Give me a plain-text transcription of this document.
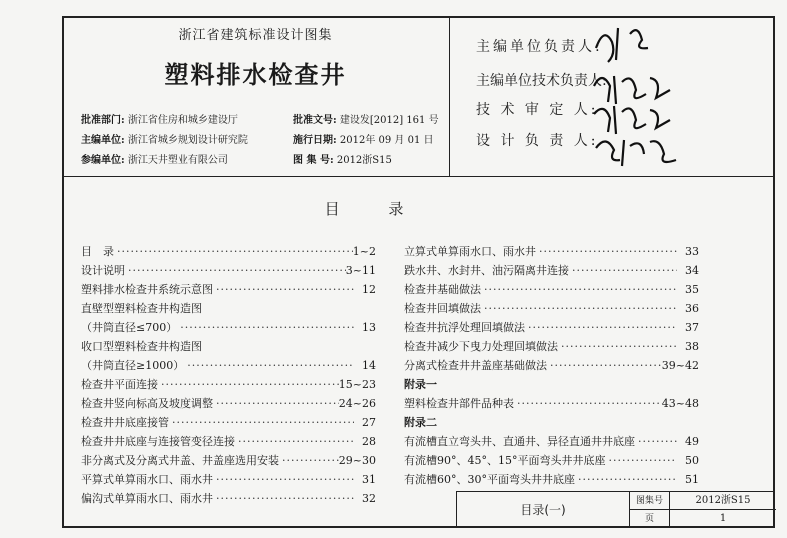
浙江省建筑标准设计图集
塑料排水检查井
批准部门: 浙江省住房和城乡建设厅
主编单位: 浙江省城乡规划设计研究院
参编单位: 浙江天井塑业有限公司
批准文号: 建设发[2012] 161 号
施行日期: 2012年 09 月 01 日
图 集 号: 2012浙S15
主编单位负责人:
主编单位技术负责人:
技 术 审 定 人:
设 计 负 责 人:
目 录
目　录 ·····	1~2
设计说明 ·····	3~11
塑料排水检查井系统示意图 ·····	12
直壁型塑料检查井构造图
（井筒直径≤700） ·····	13
收口型塑料检查井构造图
（井筒直径≥1000） ·····	14
检查井平面连接 ·····	15~23
检查井竖向标高及坡度调整 ·····	24~26
检查井井底座接管 ·····	27
检查井井底座与连接管变径连接 ·····	28
非分离式及分离式井盖、井盖座选用安装 ·····	29~30
平算式单算雨水口、雨水井 ·····	31
偏沟式单算雨水口、雨水井 ·····	32
立算式单算雨水口、雨水井 ·····	33
跌水井、水封井、油污隔离井连接 ·····	34
检查井基础做法 ·····	35
检查井回填做法 ·····	36
检查井抗浮处理回填做法 ·····	37
检查井减少下曳力处理回填做法 ·····	38
分离式检查井井盖座基础做法 ·····	39~42
附录一
塑料检查井部件品种表 ·····	43~48
附录二
有流槽直立弯头井、直通井、异径直通井井底座 ·····	49
有流槽90°、45°、15°平面弯头井井底座 ·····	50
有流槽60°、30°平面弯头井井底座 ·····	51
目录(一)
图集号	2012浙S15
页	1
